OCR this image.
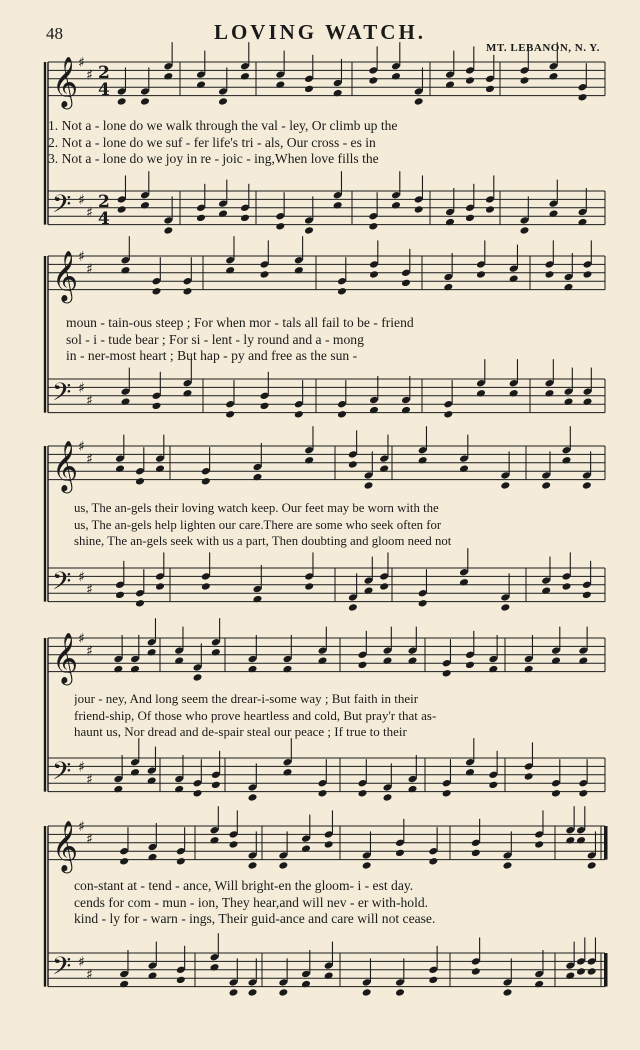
48	LOVING WATCH.
MT. LEBANON, N. Y.
𝄞 ♯
♯
𝄢 ♯
♯
2
4
2
4
𝄞 ♯
♯
𝄢 ♯
♯
𝄞 ♯
♯
𝄢 ♯
♯
𝄞 ♯
♯
𝄢 ♯
♯
𝄞 ♯
♯
𝄢 ♯
♯
1. Not a - lone do we walk through the val - ley, Or climb up the
2. Not a - lone do we suf - fer life's tri - als, Our cross - es in
3. Not a - lone do we joy in re - joic - ing,When love fills the
moun - tain-ous steep ; For when mor - tals all fail to be - friend
sol - i - tude bear ; For si - lent - ly round and a - mong
in - ner-most heart ; But hap - py and free as the sun -
us, The an-gels their loving watch keep. Our feet may be worn with the
us, The an-gels help lighten our care.There are some who seek often for
shine, The an-gels seek with us a part, Then doubting and gloom need not
jour - ney, And long seem the drear-i-some way ; But faith in their
friend-ship, Of those who prove heartless and cold, But pray'r that as-
haunt us, Nor dread and de-spair steal our peace ; If true to their
con-stant at - tend - ance, Will bright-en the gloom- i - est day.
cends for com - mun - ion, They hear,and will nev - er with-hold.
kind - ly for - warn - ings, Their guid-ance and care will not cease.
